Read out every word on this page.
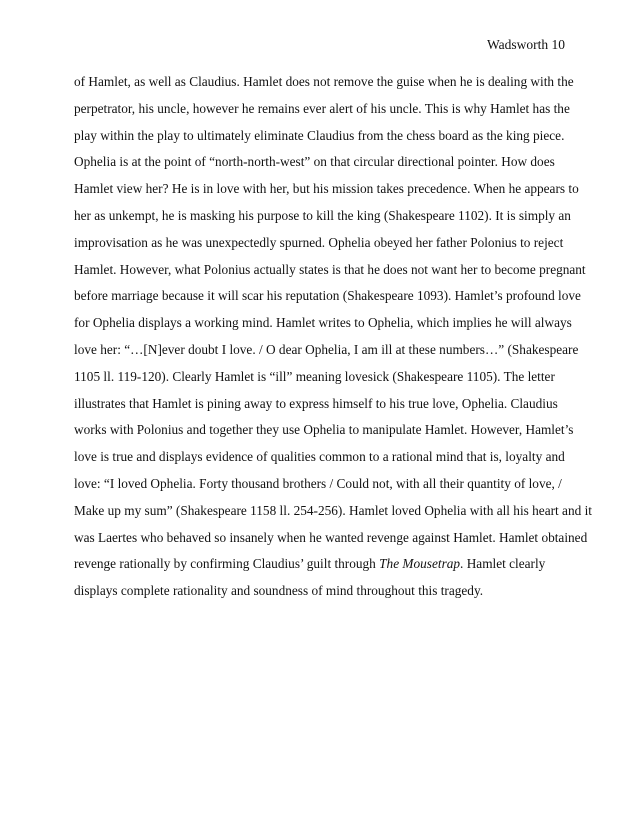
Wadsworth 10
of Hamlet, as well as Claudius. Hamlet does not remove the guise when he is dealing with the
perpetrator, his uncle, however he remains ever alert of his uncle. This is why Hamlet has the
play within the play to ultimately eliminate Claudius from the chess board as the king piece.
Ophelia is at the point of “north-north-west” on that circular directional pointer. How does
Hamlet view her? He is in love with her, but his mission takes precedence. When he appears to
her as unkempt, he is masking his purpose to kill the king (Shakespeare 1102). It is simply an
improvisation as he was unexpectedly spurned. Ophelia obeyed her father Polonius to reject
Hamlet. However, what Polonius actually states is that he does not want her to become pregnant
before marriage because it will scar his reputation (Shakespeare 1093). Hamlet’s profound love
for Ophelia displays a working mind. Hamlet writes to Ophelia, which implies he will always
love her: “…[N]ever doubt I love. / O dear Ophelia, I am ill at these numbers…” (Shakespeare
1105 ll. 119-120). Clearly Hamlet is “ill” meaning lovesick (Shakespeare 1105). The letter
illustrates that Hamlet is pining away to express himself to his true love, Ophelia. Claudius
works with Polonius and together they use Ophelia to manipulate Hamlet. However, Hamlet’s
love is true and displays evidence of qualities common to a rational mind that is, loyalty and
love: “I loved Ophelia. Forty thousand brothers / Could not, with all their quantity of love, /
Make up my sum” (Shakespeare 1158 ll. 254-256). Hamlet loved Ophelia with all his heart and it
was Laertes who behaved so insanely when he wanted revenge against Hamlet. Hamlet obtained
revenge rationally by confirming Claudius’ guilt through The Mousetrap. Hamlet clearly
displays complete rationality and soundness of mind throughout this tragedy.
